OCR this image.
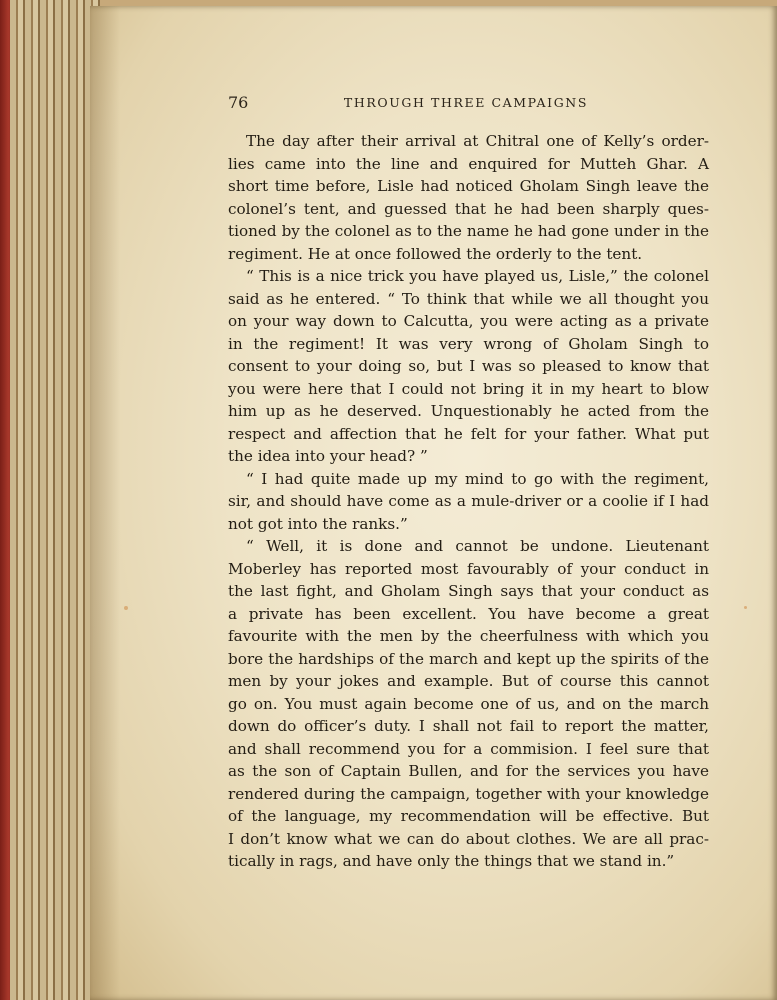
76	THROUGH THREE CAMPAIGNS
The day after their arrival at Chitral one of Kelly’s order-
lies came into the line and enquired for Mutteh Ghar. A
short time before, Lisle had noticed Gholam Singh leave the
colonel’s tent, and guessed that he had been sharply ques-
tioned by the colonel as to the name he had gone under in the
regiment. He at once followed the orderly to the tent.
“ This is a nice trick you have played us, Lisle,” the colonel
said as he entered. “ To think that while we all thought you
on your way down to Calcutta, you were acting as a private
in the regiment! It was very wrong of Gholam Singh to
consent to your doing so, but I was so pleased to know that
you were here that I could not bring it in my heart to blow
him up as he deserved. Unquestionably he acted from the
respect and affection that he felt for your father. What put
the idea into your head? ”
“ I had quite made up my mind to go with the regiment,
sir, and should have come as a mule-driver or a coolie if I had
not got into the ranks.”
“ Well, it is done and cannot be undone. Lieutenant
Moberley has reported most favourably of your conduct in
the last fight, and Gholam Singh says that your conduct as
a private has been excellent. You have become a great
favourite with the men by the cheerfulness with which you
bore the hardships of the march and kept up the spirits of the
men by your jokes and example. But of course this cannot
go on. You must again become one of us, and on the march
down do officer’s duty. I shall not fail to report the matter,
and shall recommend you for a commision. I feel sure that
as the son of Captain Bullen, and for the services you have
rendered during the campaign, together with your knowledge
of the language, my recommendation will be effective. But
I don’t know what we can do about clothes. We are all prac-
tically in rags, and have only the things that we stand in.”
